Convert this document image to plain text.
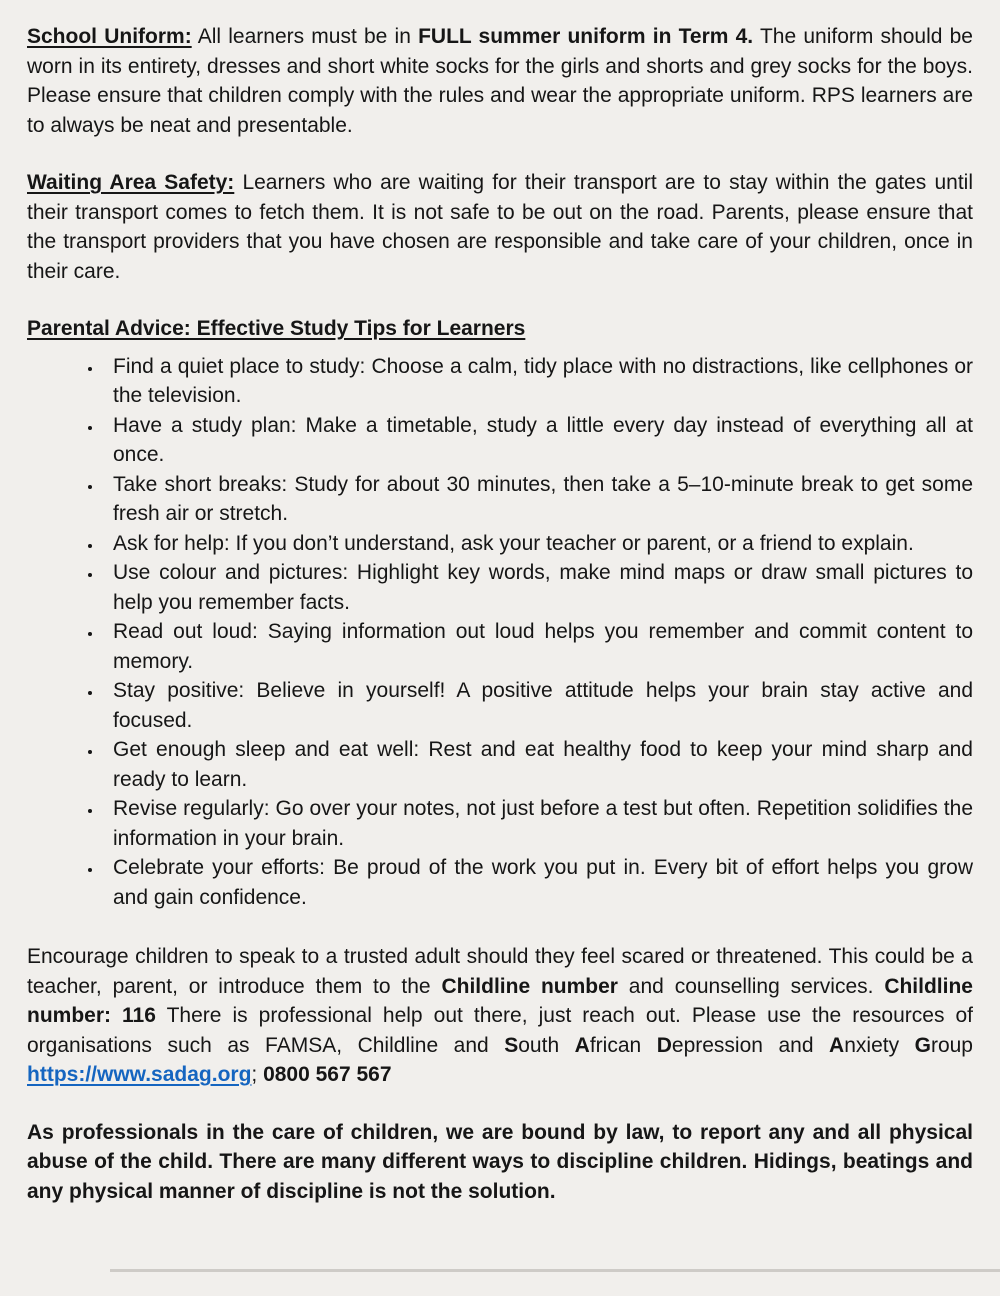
School Uniform: All learners must be in FULL summer uniform in Term 4. The uniform should be worn in its entirety, dresses and short white socks for the girls and shorts and grey socks for the boys. Please ensure that children comply with the rules and wear the appropriate uniform. RPS learners are to always be neat and presentable.

Waiting Area Safety: Learners who are waiting for their transport are to stay within the gates until their transport comes to fetch them. It is not safe to be out on the road. Parents, please ensure that the transport providers that you have chosen are responsible and take care of your children, once in their care.

Parental Advice: Effective Study Tips for Learners

• Find a quiet place to study: Choose a calm, tidy place with no distractions, like cellphones or the television.
• Have a study plan: Make a timetable, study a little every day instead of everything all at once.
• Take short breaks: Study for about 30 minutes, then take a 5–10-minute break to get some fresh air or stretch.
• Ask for help: If you don’t understand, ask your teacher or parent, or a friend to explain.
• Use colour and pictures: Highlight key words, make mind maps or draw small pictures to help you remember facts.
• Read out loud: Saying information out loud helps you remember and commit content to memory.
• Stay positive: Believe in yourself! A positive attitude helps your brain stay active and focused.
• Get enough sleep and eat well: Rest and eat healthy food to keep your mind sharp and ready to learn.
• Revise regularly: Go over your notes, not just before a test but often. Repetition solidifies the information in your brain.
• Celebrate your efforts: Be proud of the work you put in. Every bit of effort helps you grow and gain confidence.

Encourage children to speak to a trusted adult should they feel scared or threatened. This could be a teacher, parent, or introduce them to the Childline number and counselling services. Childline number: 116 There is professional help out there, just reach out. Please use the resources of organisations such as FAMSA, Childline and South African Depression and Anxiety Group https://www.sadag.org; 0800 567 567

As professionals in the care of children, we are bound by law, to report any and all physical abuse of the child. There are many different ways to discipline children. Hidings, beatings and any physical manner of discipline is not the solution.
